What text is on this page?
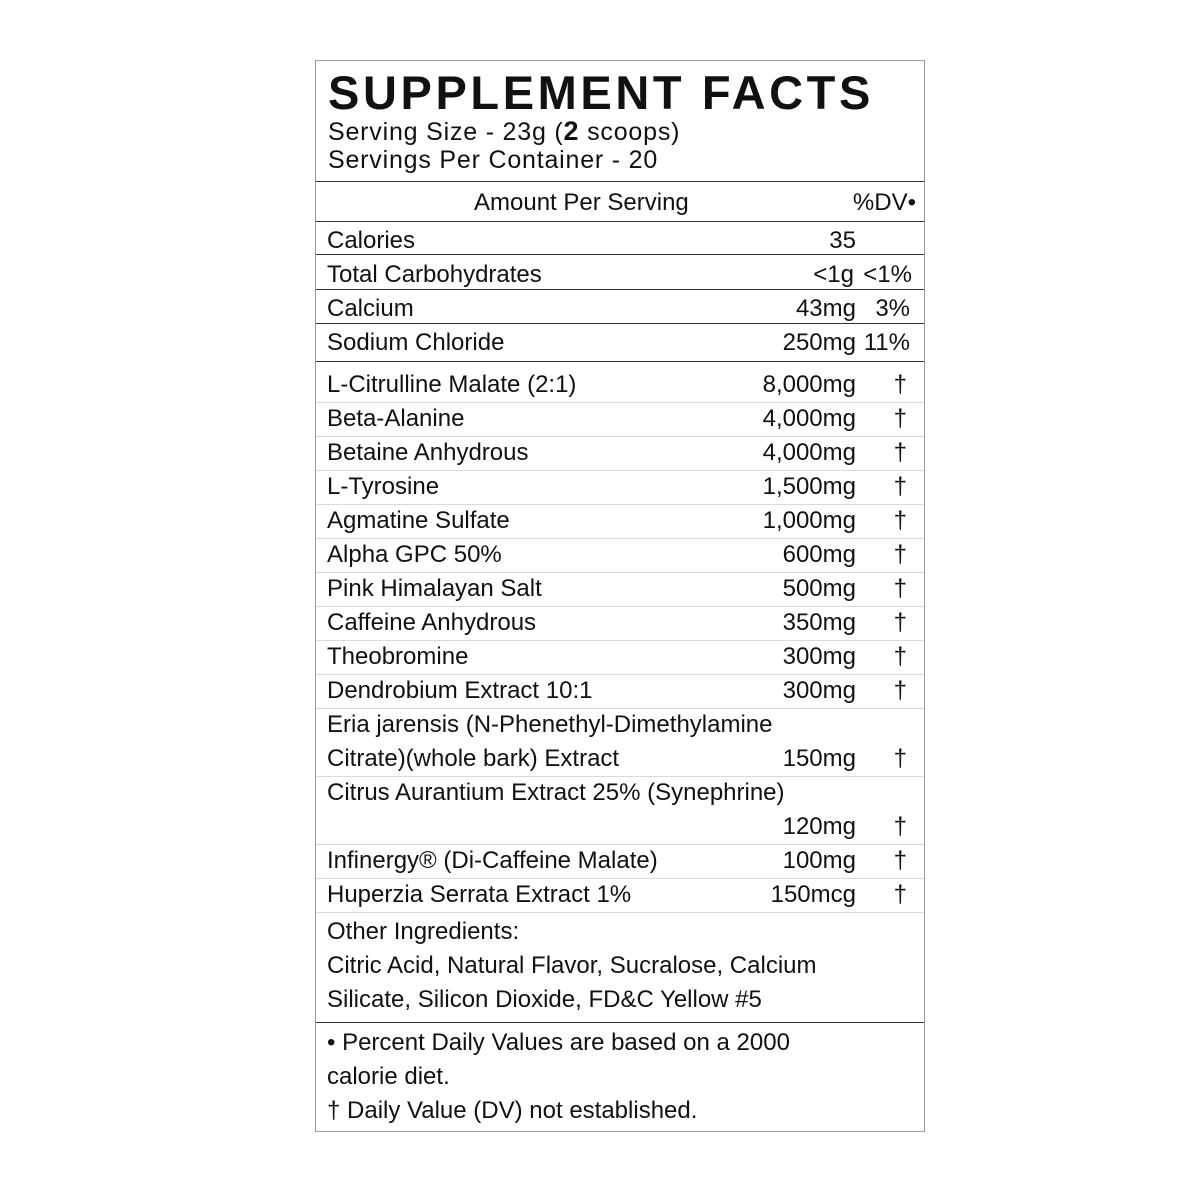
SUPPLEMENT FACTS
Serving Size - 23g (2 scoops)
Servings Per Container - 20
Amount Per Serving	%DV•
Calories	35
Total Carbohydrates	<1g <1%
Calcium	43mg 3%
Sodium Chloride	250mg 11%
L-Citrulline Malate (2:1)	8,000mg †
Beta-Alanine	4,000mg †
Betaine Anhydrous	4,000mg †
L-Tyrosine	1,500mg †
Agmatine Sulfate	1,000mg †
Alpha GPC 50%	600mg †
Pink Himalayan Salt	500mg †
Caffeine Anhydrous	350mg †
Theobromine	300mg †
Dendrobium Extract 10:1	300mg †
Eria jarensis (N-Phenethyl-Dimethylamine
Citrate)(whole bark) Extract	150mg †
Citrus Aurantium Extract 25% (Synephrine)
120mg †
Infinergy® (Di-Caffeine Malate)	100mg †
Huperzia Serrata Extract 1%	150mcg †
Other Ingredients:
Citric Acid, Natural Flavor, Sucralose, Calcium
Silicate, Silicon Dioxide, FD&C Yellow #5
• Percent Daily Values are based on a 2000
calorie diet.
† Daily Value (DV) not established.
